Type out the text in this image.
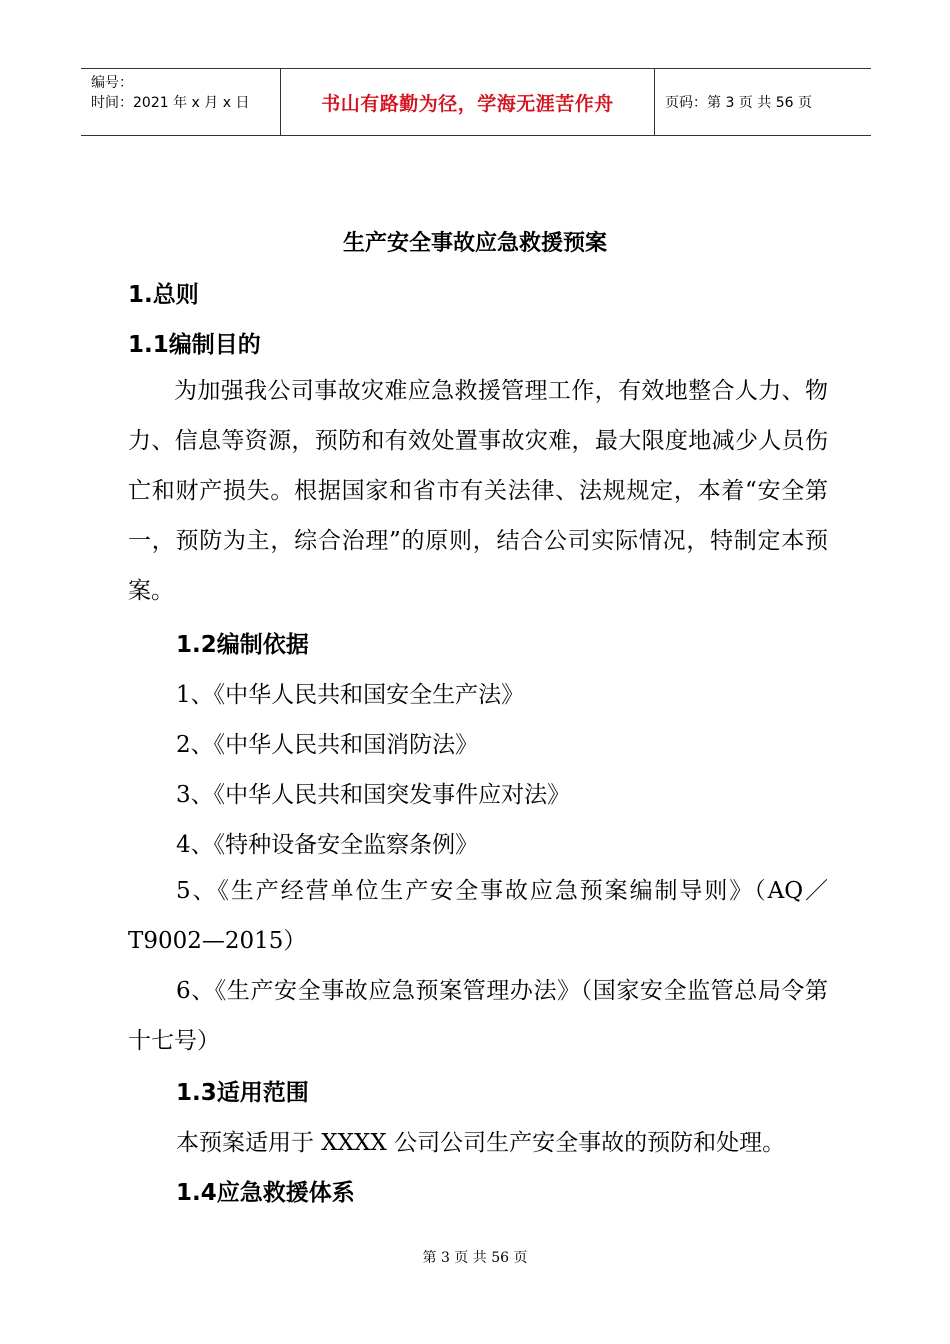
编号：
时间：2021 年 x 月 x 日	书山有路勤为径，学海无涯苦作舟	页码：第 3 页 共 56 页
生产安全事故应急救援预案
1.总则
1.1编制目的
为加强我公司事故灾难应急救援管理工作，有效地整合人力、物力、信息等资源，预防和有效处置事故灾难，最大限度地减少人员伤亡和财产损失。根据国家和省市有关法律、法规规定，本着“安全第一，预防为主，综合治理”的原则，结合公司实际情况，特制定本预案。
1.2编制依据
1、《中华人民共和国安全生产法》
2、《中华人民共和国消防法》
3、《中华人民共和国突发事件应对法》
4、《特种设备安全监察条例》
5、《生产经营单位生产安全事故应急预案编制导则》（AQ／T9002—2015）
6、《生产安全事故应急预案管理办法》（国家安全监管总局令第十七号）
1.3适用范围
本预案适用于 XXXX 公司公司生产安全事故的预防和处理。
1.4应急救援体系
第 3 页 共 56 页
